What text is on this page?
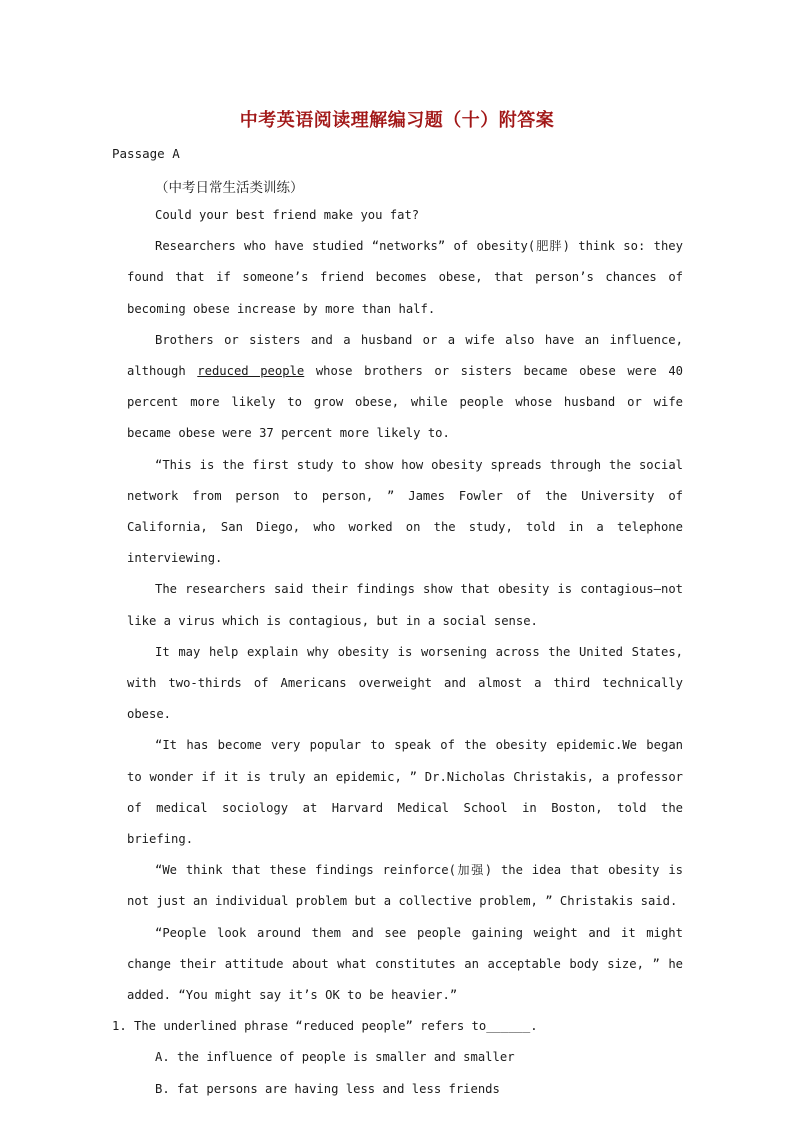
中考英语阅读理解编习题（十）附答案
Passage A
（中考日常生活类训练）

Could your best friend make you fat?

Researchers who have studied “networks” of obesity(肥胖) think so: they found that if someone’s friend becomes obese, that person’s chances of becoming obese increase by more than half.

Brothers or sisters and a husband or a wife also have an influence, although reduced people whose brothers or sisters became obese were 40 percent more likely to grow obese, while people whose husband or wife became obese were 37 percent more likely to.

“This is the first study to show how obesity spreads through the social network from person to person, ” James Fowler of the University of California, San Diego, who worked on the study, told in a telephone interviewing.

The researchers said their findings show that obesity is contagious—not like a virus which is contagious, but in a social sense.

It may help explain why obesity is worsening across the United States, with two-thirds of Americans overweight and almost a third technically obese.

“It has become very popular to speak of the obesity epidemic.We began to wonder if it is truly an epidemic, ” Dr.Nicholas Christakis, a professor of medical sociology at Harvard Medical School in Boston, told the briefing.

“We think that these findings reinforce(加强) the idea that obesity is not just an individual problem but a collective problem, ” Christakis said.

“People look around them and see people gaining weight and it might change their attitude about what constitutes an acceptable body size, ” he added. “You might say it’s OK to be heavier.”

1. The underlined phrase “reduced people” refers to______.

A. the influence of people is smaller and smaller

B. fat persons are having less and less friends
